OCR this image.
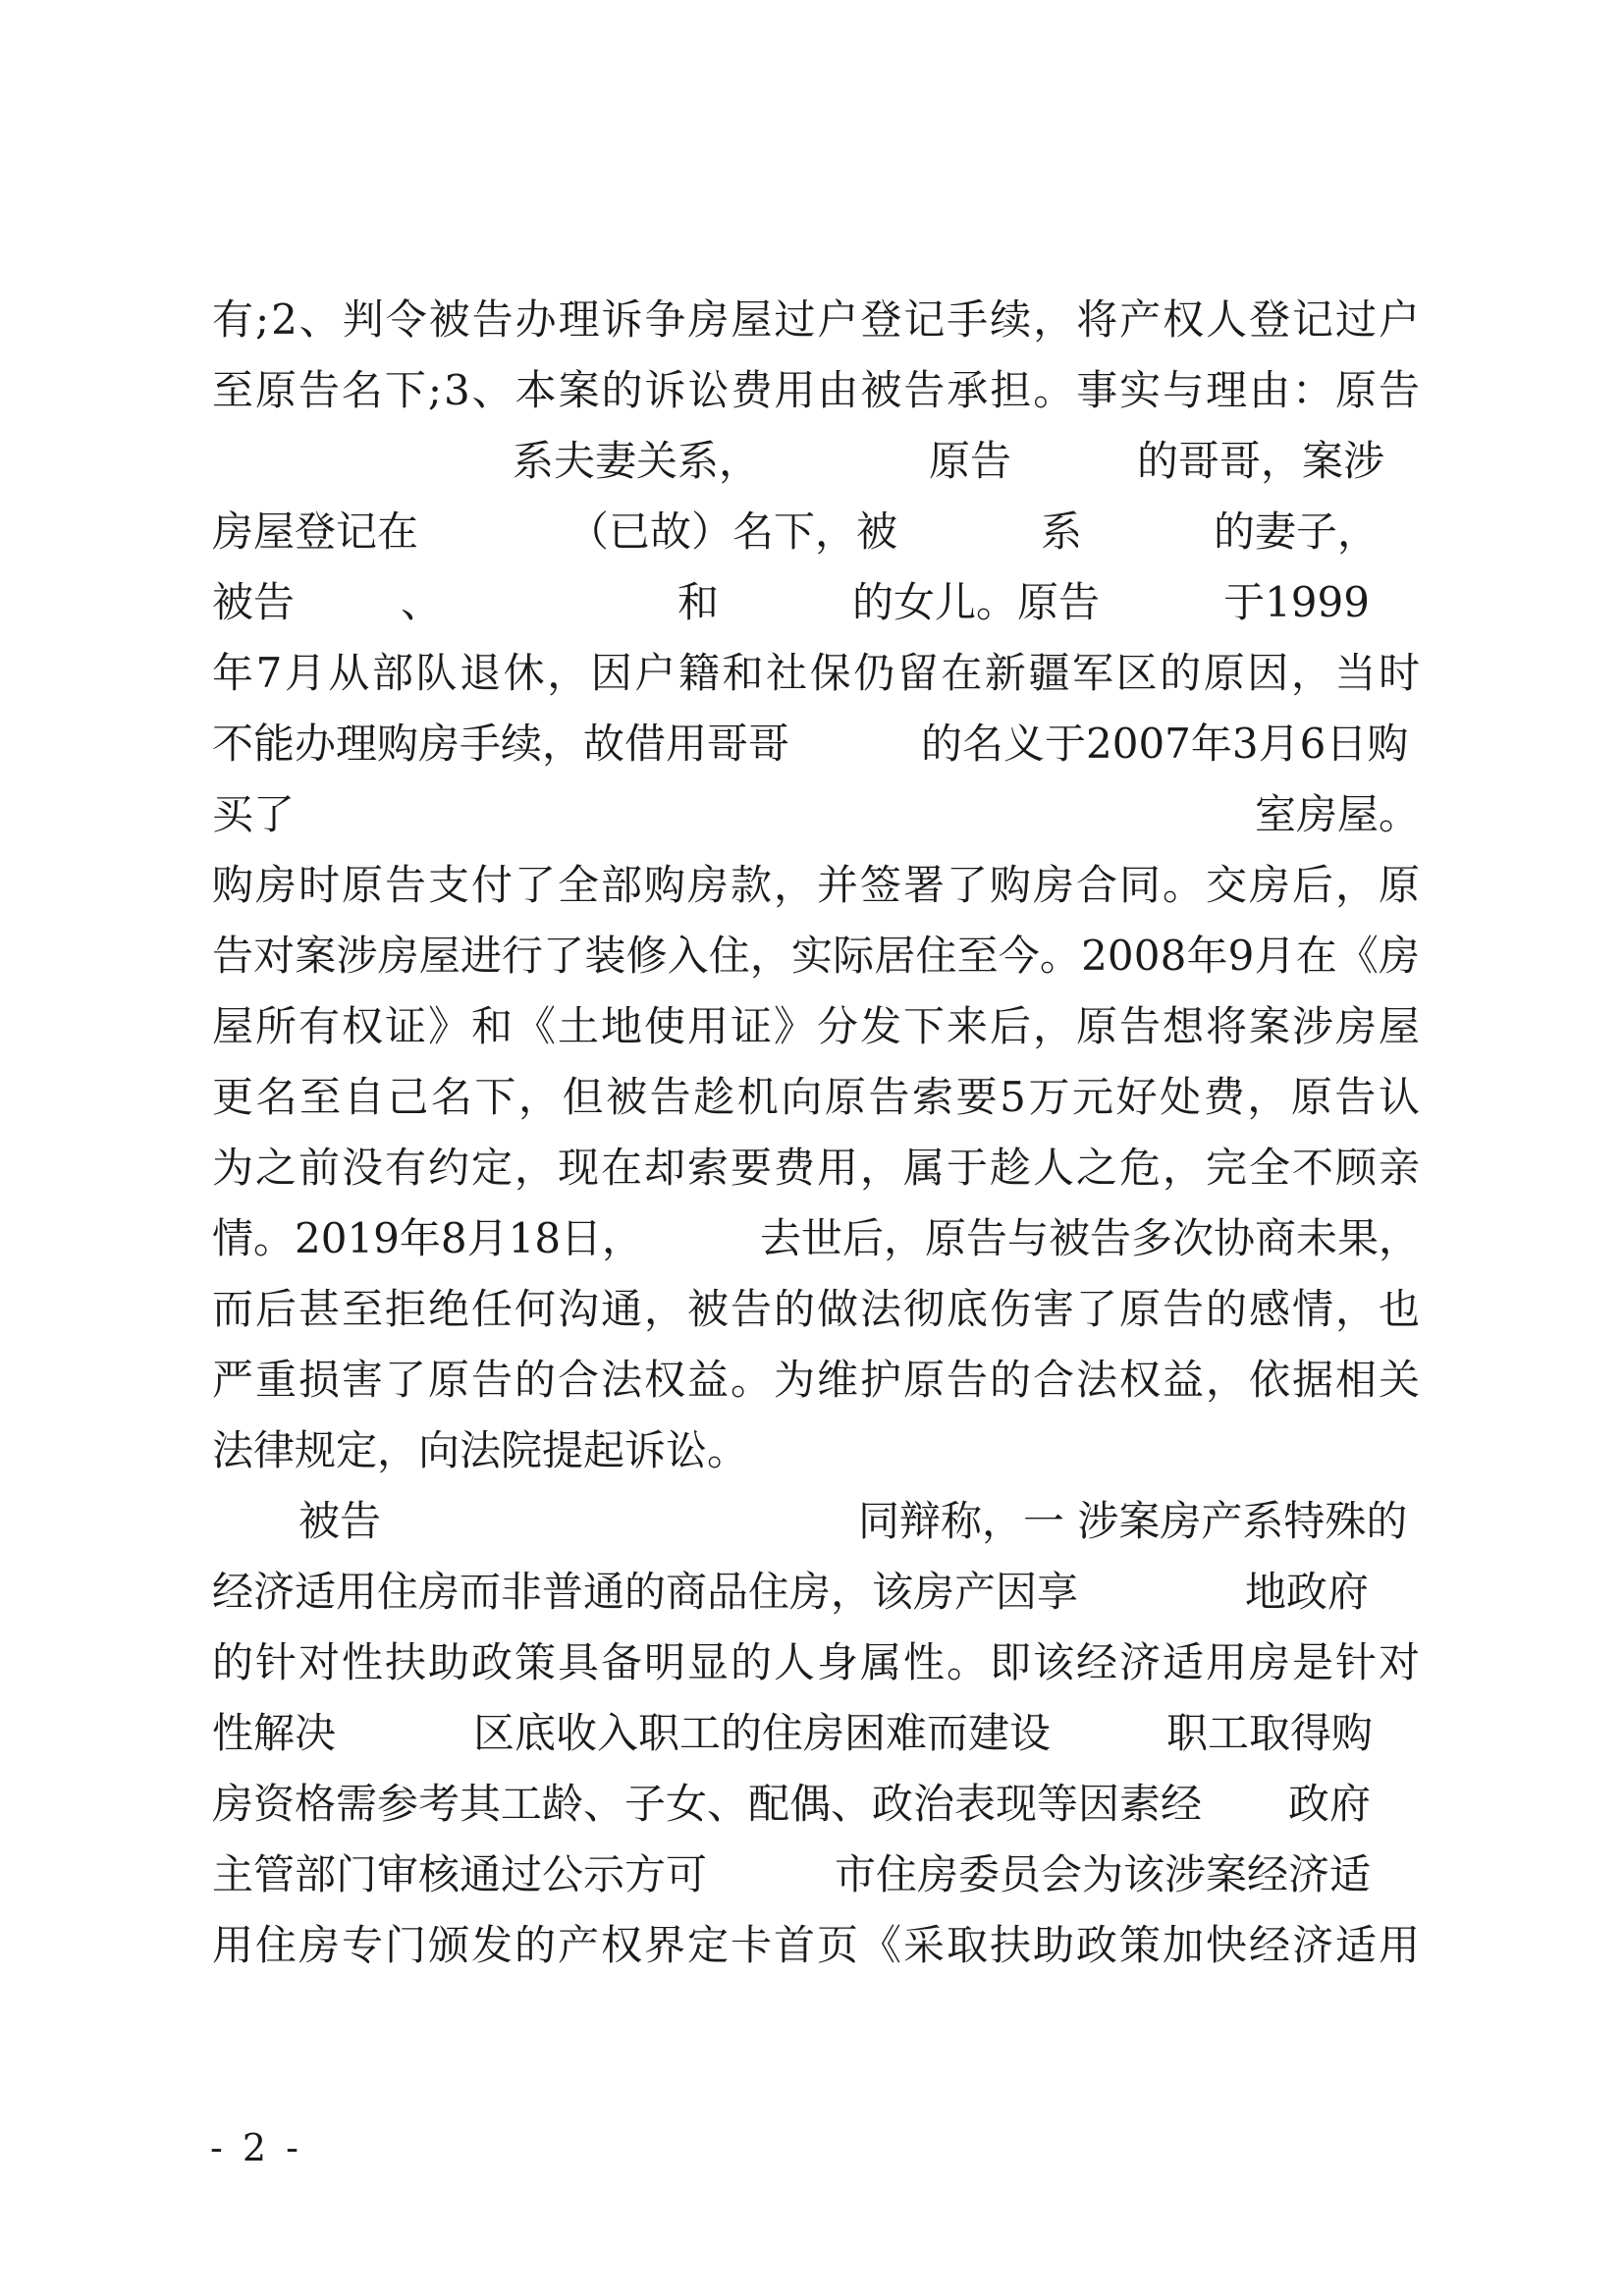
有;2、判令被告办理诉争房屋过户登记手续，将产权人登记过户
至原告名下;3、本案的诉讼费用由被告承担。事实与理由：原告
系夫妻关系，	原告	的哥哥，案涉
房屋登记在	（已故）名下，被	系	的妻子，
被告	、	和	的女儿。原告	于1999
年7月从部队退休，因户籍和社保仍留在新疆军区的原因，当时
不能办理购房手续，故借用哥哥	的名义于2007年3月6日购
买了	室房屋。
购房时原告支付了全部购房款，并签署了购房合同。交房后，原
告对案涉房屋进行了装修入住，实际居住至今。2008年9月在《房
屋所有权证》和《土地使用证》分发下来后，原告想将案涉房屋
更名至自己名下，但被告趁机向原告索要5万元好处费，原告认
为之前没有约定，现在却索要费用，属于趁人之危，完全不顾亲
情。2019年8月18日，	去世后，原告与被告多次协商未果，
而后甚至拒绝任何沟通，被告的做法彻底伤害了原告的感情，也
严重损害了原告的合法权益。为维护原告的合法权益，依据相关
法律规定，向法院提起诉讼。
被告	同辩称，一 涉案房产系特殊的
经济适用住房而非普通的商品住房，该房产因享	地政府
的针对性扶助政策具备明显的人身属性。即该经济适用房是针对
性解决	区底收入职工的住房困难而建设	职工取得购
房资格需参考其工龄、子女、配偶、政治表现等因素经 政府
主管部门审核通过公示方可	市住房委员会为该涉案经济适
用住房专门颁发的产权界定卡首页《采取扶助政策加快经济适用
- 2 -
